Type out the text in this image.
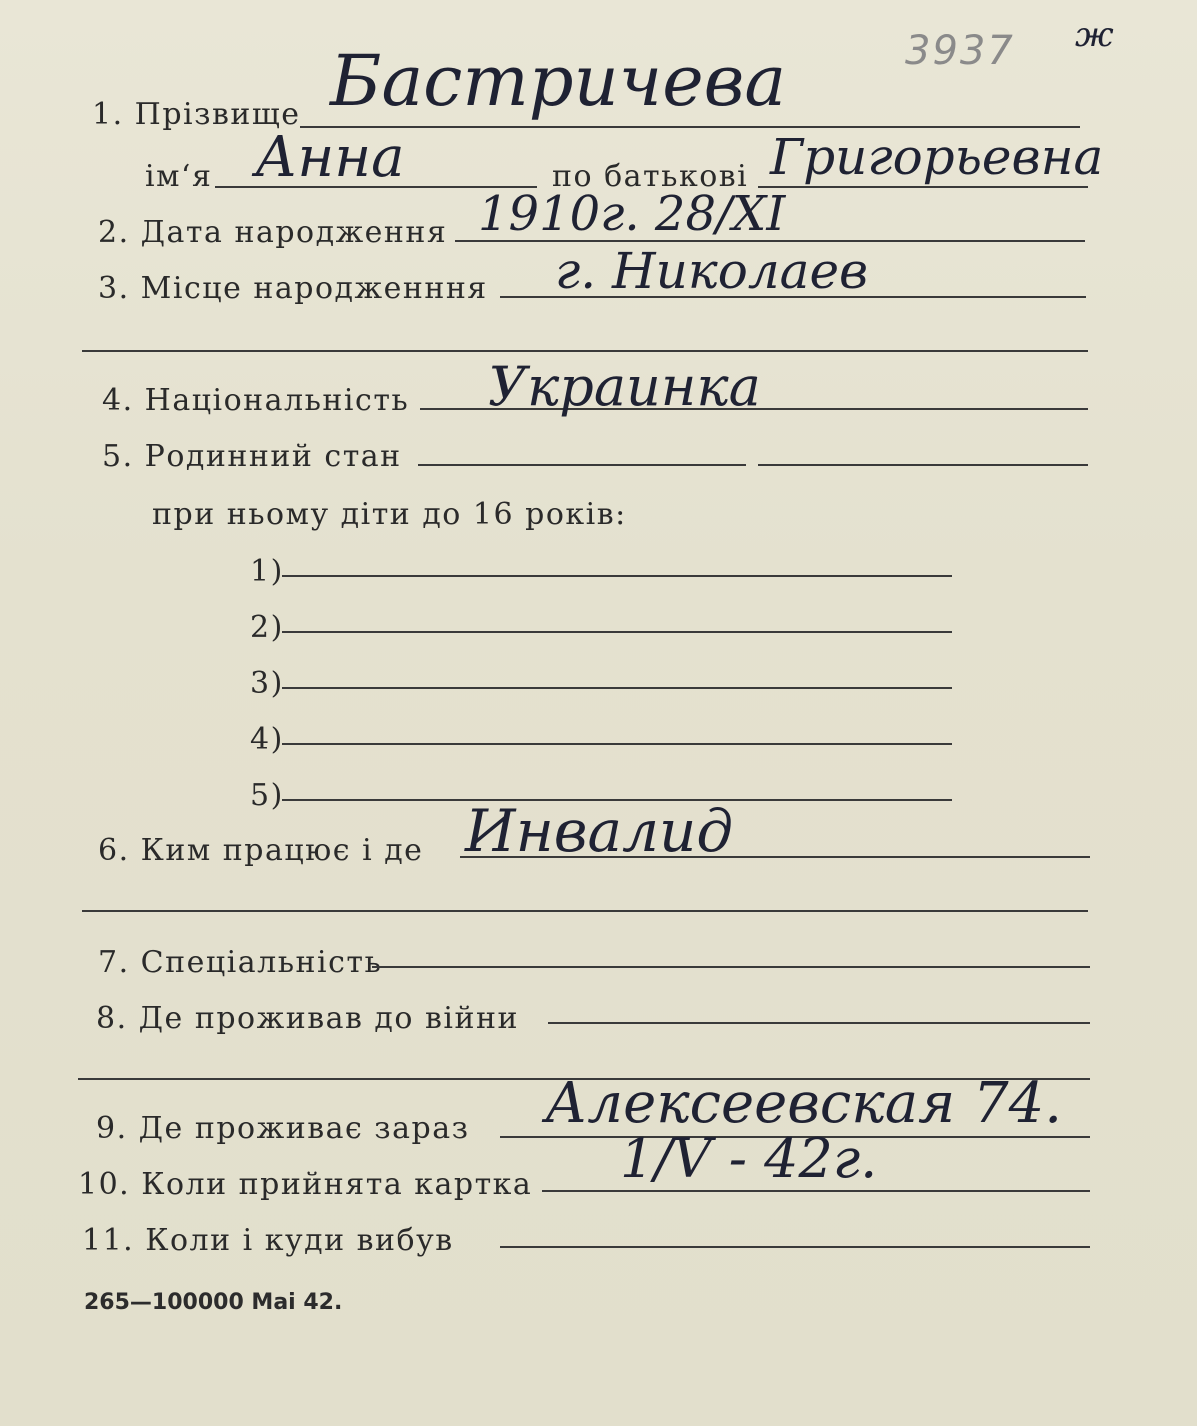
3937 ж
1. Прізвище Бастричева
ім‘я Анна	по батькові Григорьевна
2. Дата народження 1910г. 28/XI
3. Місце народженння г. Николаев
4. Національність Украинка
5. Родинний стан
при ньому діти до 16 років:
1)
2)
3)
4)
5)
6. Ким працює і де Инвалид
7. Спеціальність
8. Де проживав до війни
9. Де проживає зараз Алексеевская 74.
10. Коли прийнята картка 1/V - 42г.
11. Коли і куди вибув
265—100000 Mai 42.
